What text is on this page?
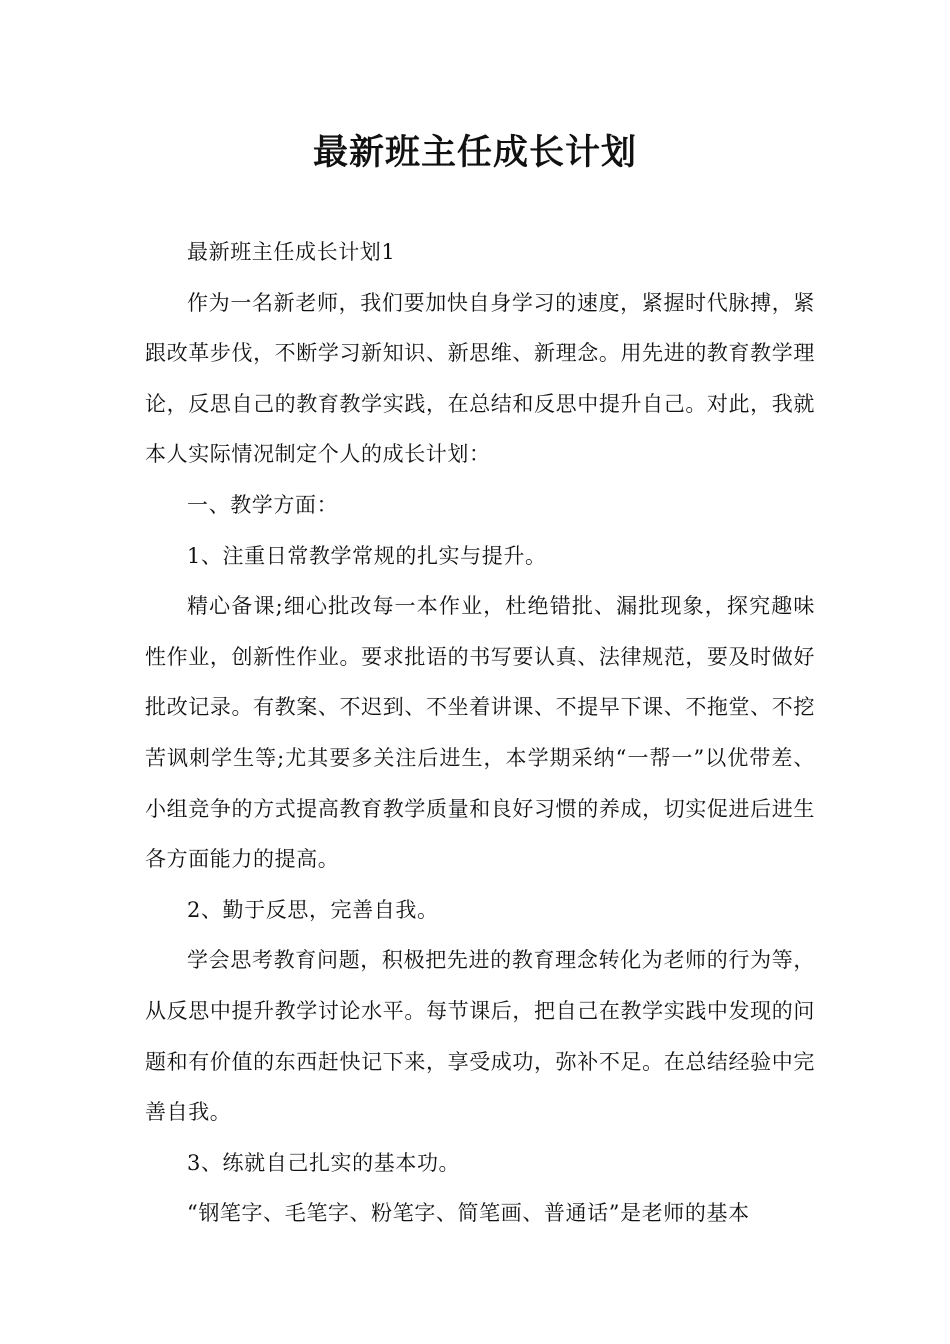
最新班主任成长计划

最新班主任成长计划1

作为一名新老师，我们要加快自身学习的速度，紧握时代脉搏，紧跟改革步伐，不断学习新知识、新思维、新理念。用先进的教育教学理论，反思自己的教育教学实践，在总结和反思中提升自己。对此，我就本人实际情况制定个人的成长计划：

一、教学方面：

1、注重日常教学常规的扎实与提升。

精心备课;细心批改每一本作业，杜绝错批、漏批现象，探究趣味性作业，创新性作业。要求批语的书写要认真、法律规范，要及时做好批改记录。有教案、不迟到、不坐着讲课、不提早下课、不拖堂、不挖苦讽刺学生等;尤其要多关注后进生，本学期采纳“一帮一”以优带差、小组竞争的方式提高教育教学质量和良好习惯的养成，切实促进后进生各方面能力的提高。

2、勤于反思，完善自我。

学会思考教育问题，积极把先进的教育理念转化为老师的行为等，从反思中提升教学讨论水平。每节课后，把自己在教学实践中发现的问题和有价值的东西赶快记下来，享受成功，弥补不足。在总结经验中完善自我。

3、练就自己扎实的基本功。

“钢笔字、毛笔字、粉笔字、简笔画、普通话”是老师的基本
